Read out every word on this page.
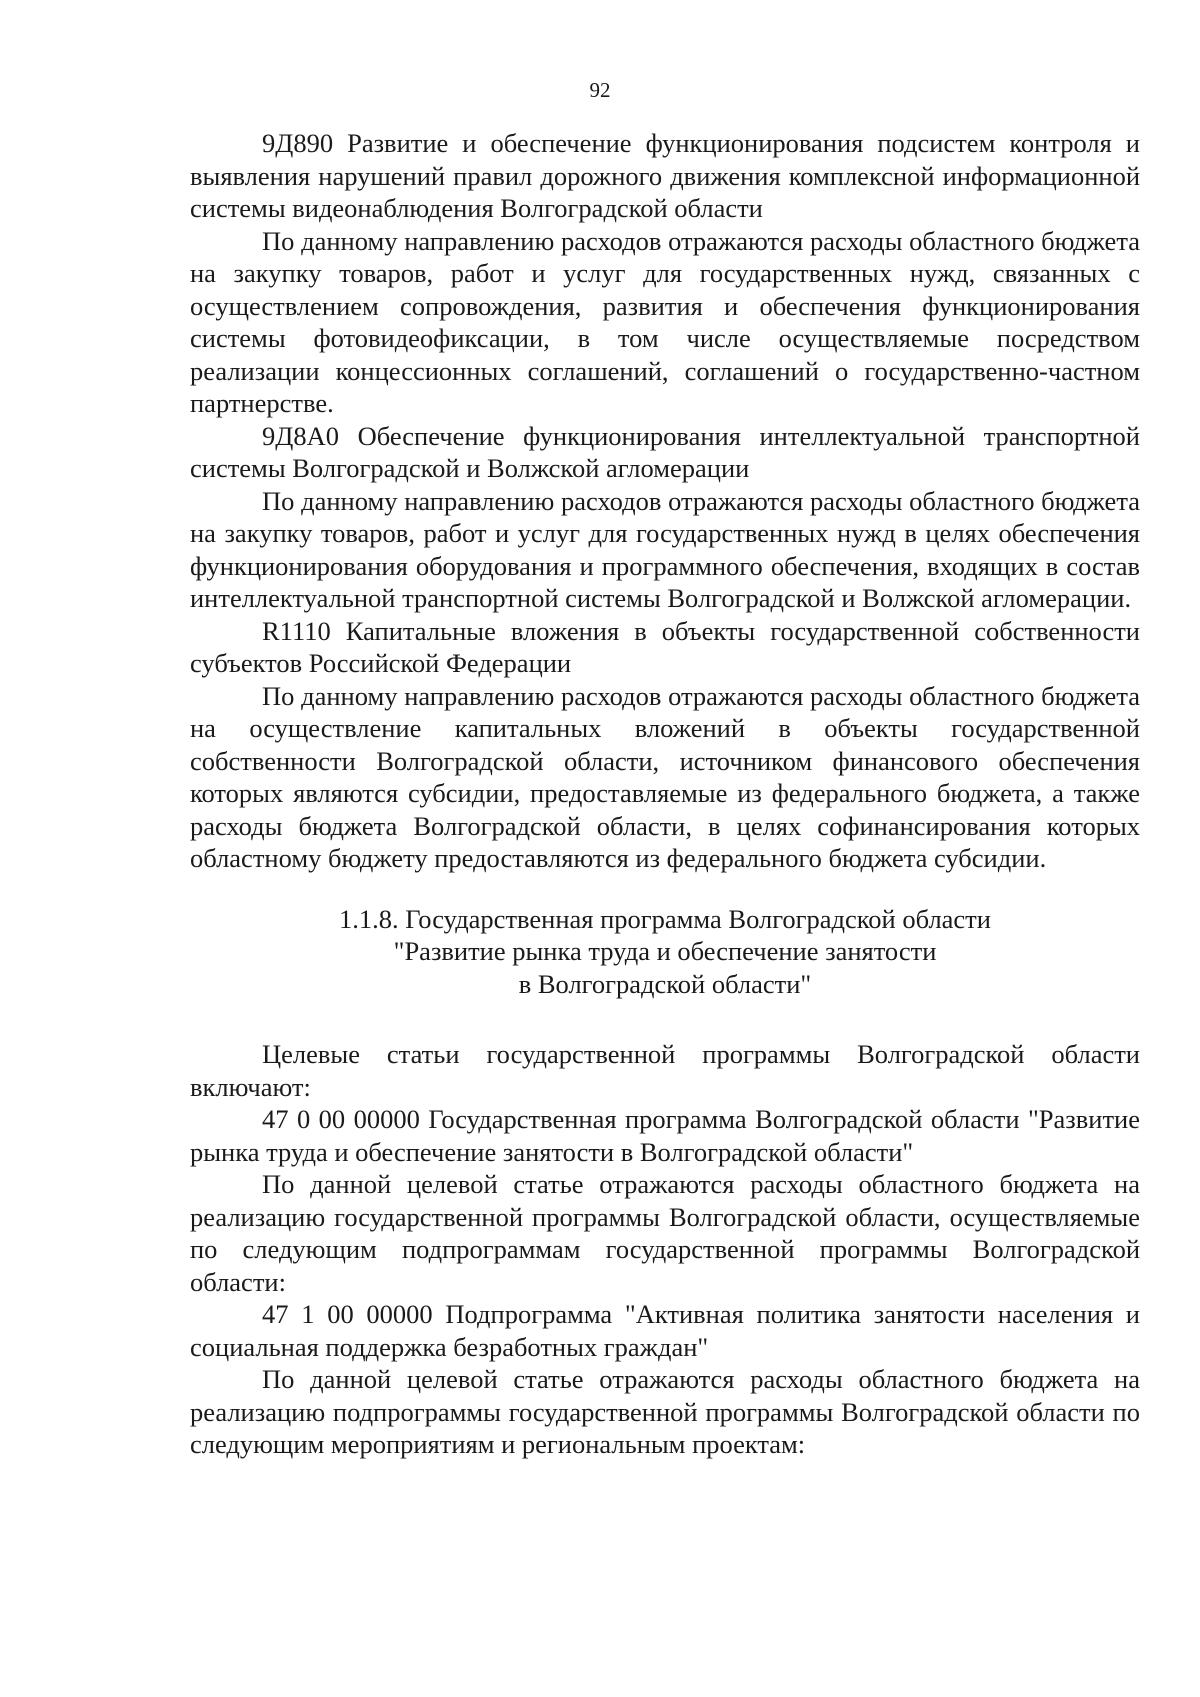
92

9Д890 Развитие и обеспечение функционирования подсистем контроля и выявления нарушений правил дорожного движения комплексной информационной системы видеонаблюдения Волгоградской области

По данному направлению расходов отражаются расходы областного бюджета на закупку товаров, работ и услуг для государственных нужд, связанных с осуществлением сопровождения, развития и обеспечения функционирования системы фотовидеофиксации, в том числе осуществляемые посредством реализации концессионных соглашений, соглашений о государственно-частном партнерстве.

9Д8А0 Обеспечение функционирования интеллектуальной транспортной системы Волгоградской и Волжской агломерации

По данному направлению расходов отражаются расходы областного бюджета на закупку товаров, работ и услуг для государственных нужд в целях обеспечения функционирования оборудования и программного обеспечения, входящих в состав интеллектуальной транспортной системы Волгоградской и Волжской агломерации.

R1110 Капитальные вложения в объекты государственной собственности субъектов Российской Федерации

По данному направлению расходов отражаются расходы областного бюджета на осуществление капитальных вложений в объекты государственной собственности Волгоградской области, источником финансового обеспечения которых являются субсидии, предоставляемые из федерального бюджета, а также расходы бюджета Волгоградской области, в целях софинансирования которых областному бюджету предоставляются из федерального бюджета субсидии.

1.1.8. Государственная программа Волгоградской области
"Развитие рынка труда и обеспечение занятости
в Волгоградской области"

Целевые статьи государственной программы Волгоградской области включают:

47 0 00 00000 Государственная программа Волгоградской области "Развитие рынка труда и обеспечение занятости в Волгоградской области"

По данной целевой статье отражаются расходы областного бюджета на реализацию государственной программы Волгоградской области, осуществляемые по следующим подпрограммам государственной программы Волгоградской области:

47 1 00 00000 Подпрограмма "Активная политика занятости населения и социальная поддержка безработных граждан"

По данной целевой статье отражаются расходы областного бюджета на реализацию подпрограммы государственной программы Волгоградской области по следующим мероприятиям и региональным проектам:
